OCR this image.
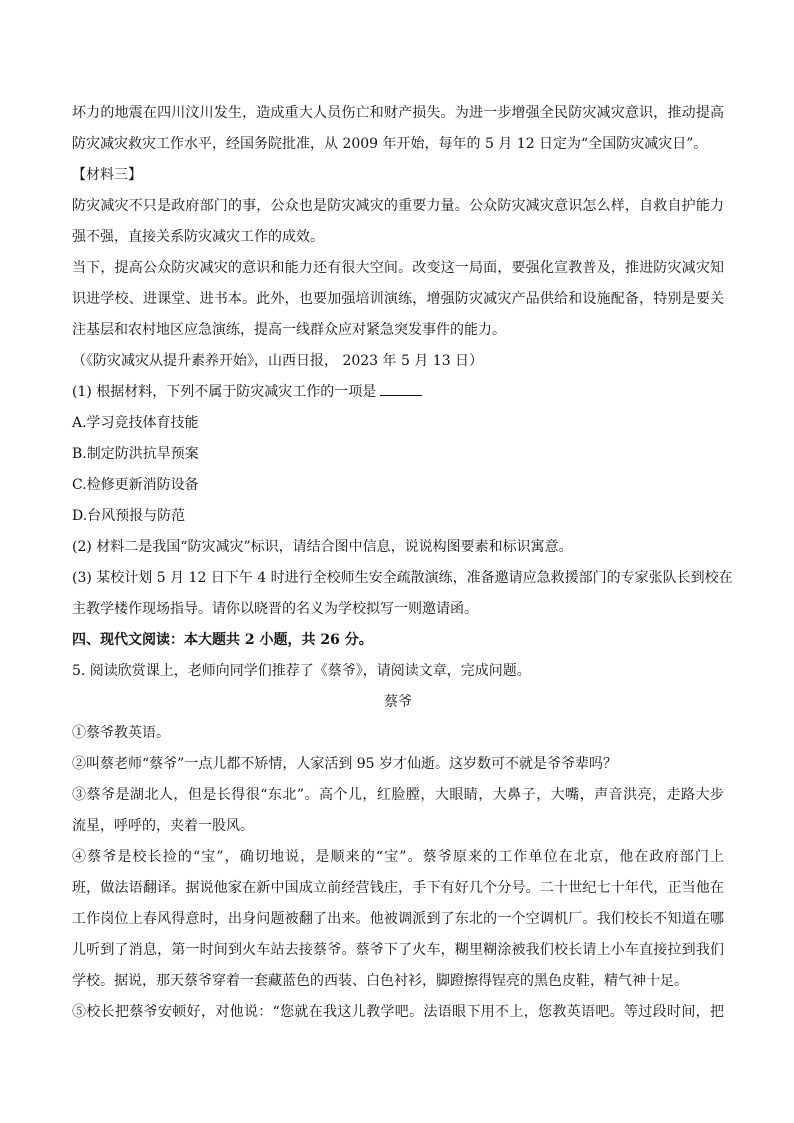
坏力的地震在四川汶川发生，造成重大人员伤亡和财产损失。为进一步增强全民防灾减灾意识，推动提高
防灾减灾救灾工作水平，经国务院批准，从 2009 年开始，每年的 5 月 12 日定为“全国防灾减灾日”。
【材料三】
防灾减灾不只是政府部门的事，公众也是防灾减灾的重要力量。公众防灾减灾意识怎么样，自救自护能力
强不强，直接关系防灾减灾工作的成效。
当下，提高公众防灾减灾的意识和能力还有很大空间。改变这一局面，要强化宣教普及，推进防灾减灾知
识进学校、进课堂、进书本。此外，也要加强培训演练，增强防灾减灾产品供给和设施配备，特别是要关
注基层和农村地区应急演练，提高一线群众应对紧急突发事件的能力。
（《防灾减灾从提升素养开始》，山西日报， 2023 年 5 月 13 日）
(1) 根据材料，下列不属于防灾减灾工作的一项是
A.学习竞技体育技能
B.制定防洪抗旱预案
C.检修更新消防设备
D.台风预报与防范
(2) 材料二是我国“防灾减灾”标识，请结合图中信息，说说构图要素和标识寓意。
(3) 某校计划 5 月 12 日下午 4 时进行全校师生安全疏散演练，准备邀请应急救援部门的专家张队长到校在
主教学楼作现场指导。请你以晓晋的名义为学校拟写一则邀请函。
四、现代文阅读：本大题共 2 小题，共 26 分。
5. 阅读欣赏课上，老师向同学们推荐了《蔡爷》，请阅读文章，完成问题。
蔡爷
①蔡爷教英语。
②叫蔡老师“蔡爷”一点儿都不矫情，人家活到 95 岁才仙逝。这岁数可不就是爷爷辈吗？
③蔡爷是湖北人，但是长得很“东北”。高个儿，红脸膛，大眼睛，大鼻子，大嘴，声音洪亮，走路大步
流星，呼呼的，夹着一股风。
④蔡爷是校长捡的“宝”，确切地说，是顺来的“宝”。蔡爷原来的工作单位在北京，他在政府部门上
班，做法语翻译。据说他家在新中国成立前经营钱庄，手下有好几个分号。二十世纪七十年代，正当他在
工作岗位上春风得意时，出身问题被翻了出来。他被调派到了东北的一个空调机厂。我们校长不知道在哪
儿听到了消息，第一时间到火车站去接蔡爷。蔡爷下了火车，糊里糊涂被我们校长请上小车直接拉到我们
学校。据说，那天蔡爷穿着一套藏蓝色的西装、白色衬衫，脚蹬擦得锃亮的黑色皮鞋，精气神十足。
⑤校长把蔡爷安顿好，对他说：“您就在我这儿教学吧。法语眼下用不上，您教英语吧。等过段时间，把
